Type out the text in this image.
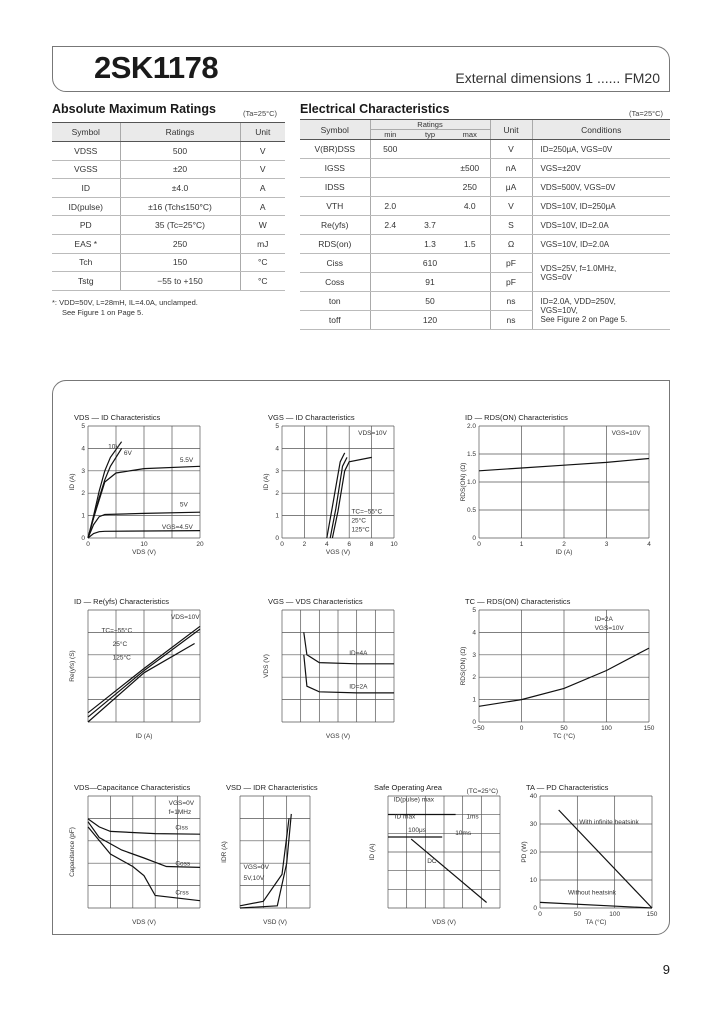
2SK1178	External dimensions 1 ...... FM20
Absolute Maximum Ratings	(Ta=25°C)
Symbol	Ratings	Unit
VDSS	500	V
VGSS	±20	V
ID	±4.0	A
ID(pulse)	±16 (Tch≤150°C)	A
PD	35 (Tc=25°C)	W
EAS *	250	mJ
Tch	150	°C
Tstg	−55 to +150	°C
*: VDD=50V, L=28mH, IL=4.0A, unclamped.
See Figure 1 on Page 5.
Electrical Characteristics	(Ta=25°C)
Symbol	Ratings			Unit	Conditions
	min	typ	max		
V(BR)DSS	500			V	ID=250μA, VGS=0V
IGSS			±500	nA	VGS=±20V
IDSS			250	μA	VDS=500V, VGS=0V
VTH	2.0		4.0	V	VDS=10V, ID=250μA
Re(yfs)	2.4	3.7		S	VDS=10V, ID=2.0A
RDS(on)		1.3	1.5	Ω	VGS=10V, ID=2.0A
Ciss		610		pF	VDS=25V, f=1.0MHz,
VGS=0V

Coss		91		pF	
ton		50		ns	ID=2.0A, VDD=250V,
VGS=10V,
See Figure 2 on Page 5.

toff		120		ns	
VDS — ID Characteristics
0	10	20
0
1
2
3
4
5
VDS (V)
ID (A)
10V
6V
5.5V
5V
VGS=4.5V
VGS — ID Characteristics
0	2	4	6	8	10
0
1
2
3
4
5
VGS (V)
ID (A)
VDS=10V
TC=−55°C
25°C
125°C
ID — RDS(ON) Characteristics
0	1	2	3	4
0
0.5
1.0
1.5
2.0
ID (A)
RDS(ON) (Ω)
VGS=10V
ID — Re(yfs) Characteristics
ID (A)
Re(yfs) (S)
VDS=10V
TC=−55°C
25°C
125°C
VGS — VDS Characteristics
VGS (V)
VDS (V)
ID=4A
ID=2A
TC — RDS(ON) Characteristics
−50	0	50	100	150
0
1
2
3
4
5
TC (°C)
RDS(ON) (Ω)
ID=2A
VGS=10V
VDS—Capacitance Characteristics
VDS (V)
Capacitance (pF)
VGS=0V
f=1MHz
Ciss
Coss
Crss
VSD — IDR Characteristics
VSD (V)
IDR (A)
VGS=0V
5V,10V
Safe Operating Area
VDS (V)
ID (A)
ID(pulse) max
ID max	1ms
10ms
100μs
DC
(TC=25°C)	TA — PD Characteristics
0	50	100	150
0
10
20
30
40
TA (°C)
PD (W)
With infinite heatsink
Without heatsink
9
